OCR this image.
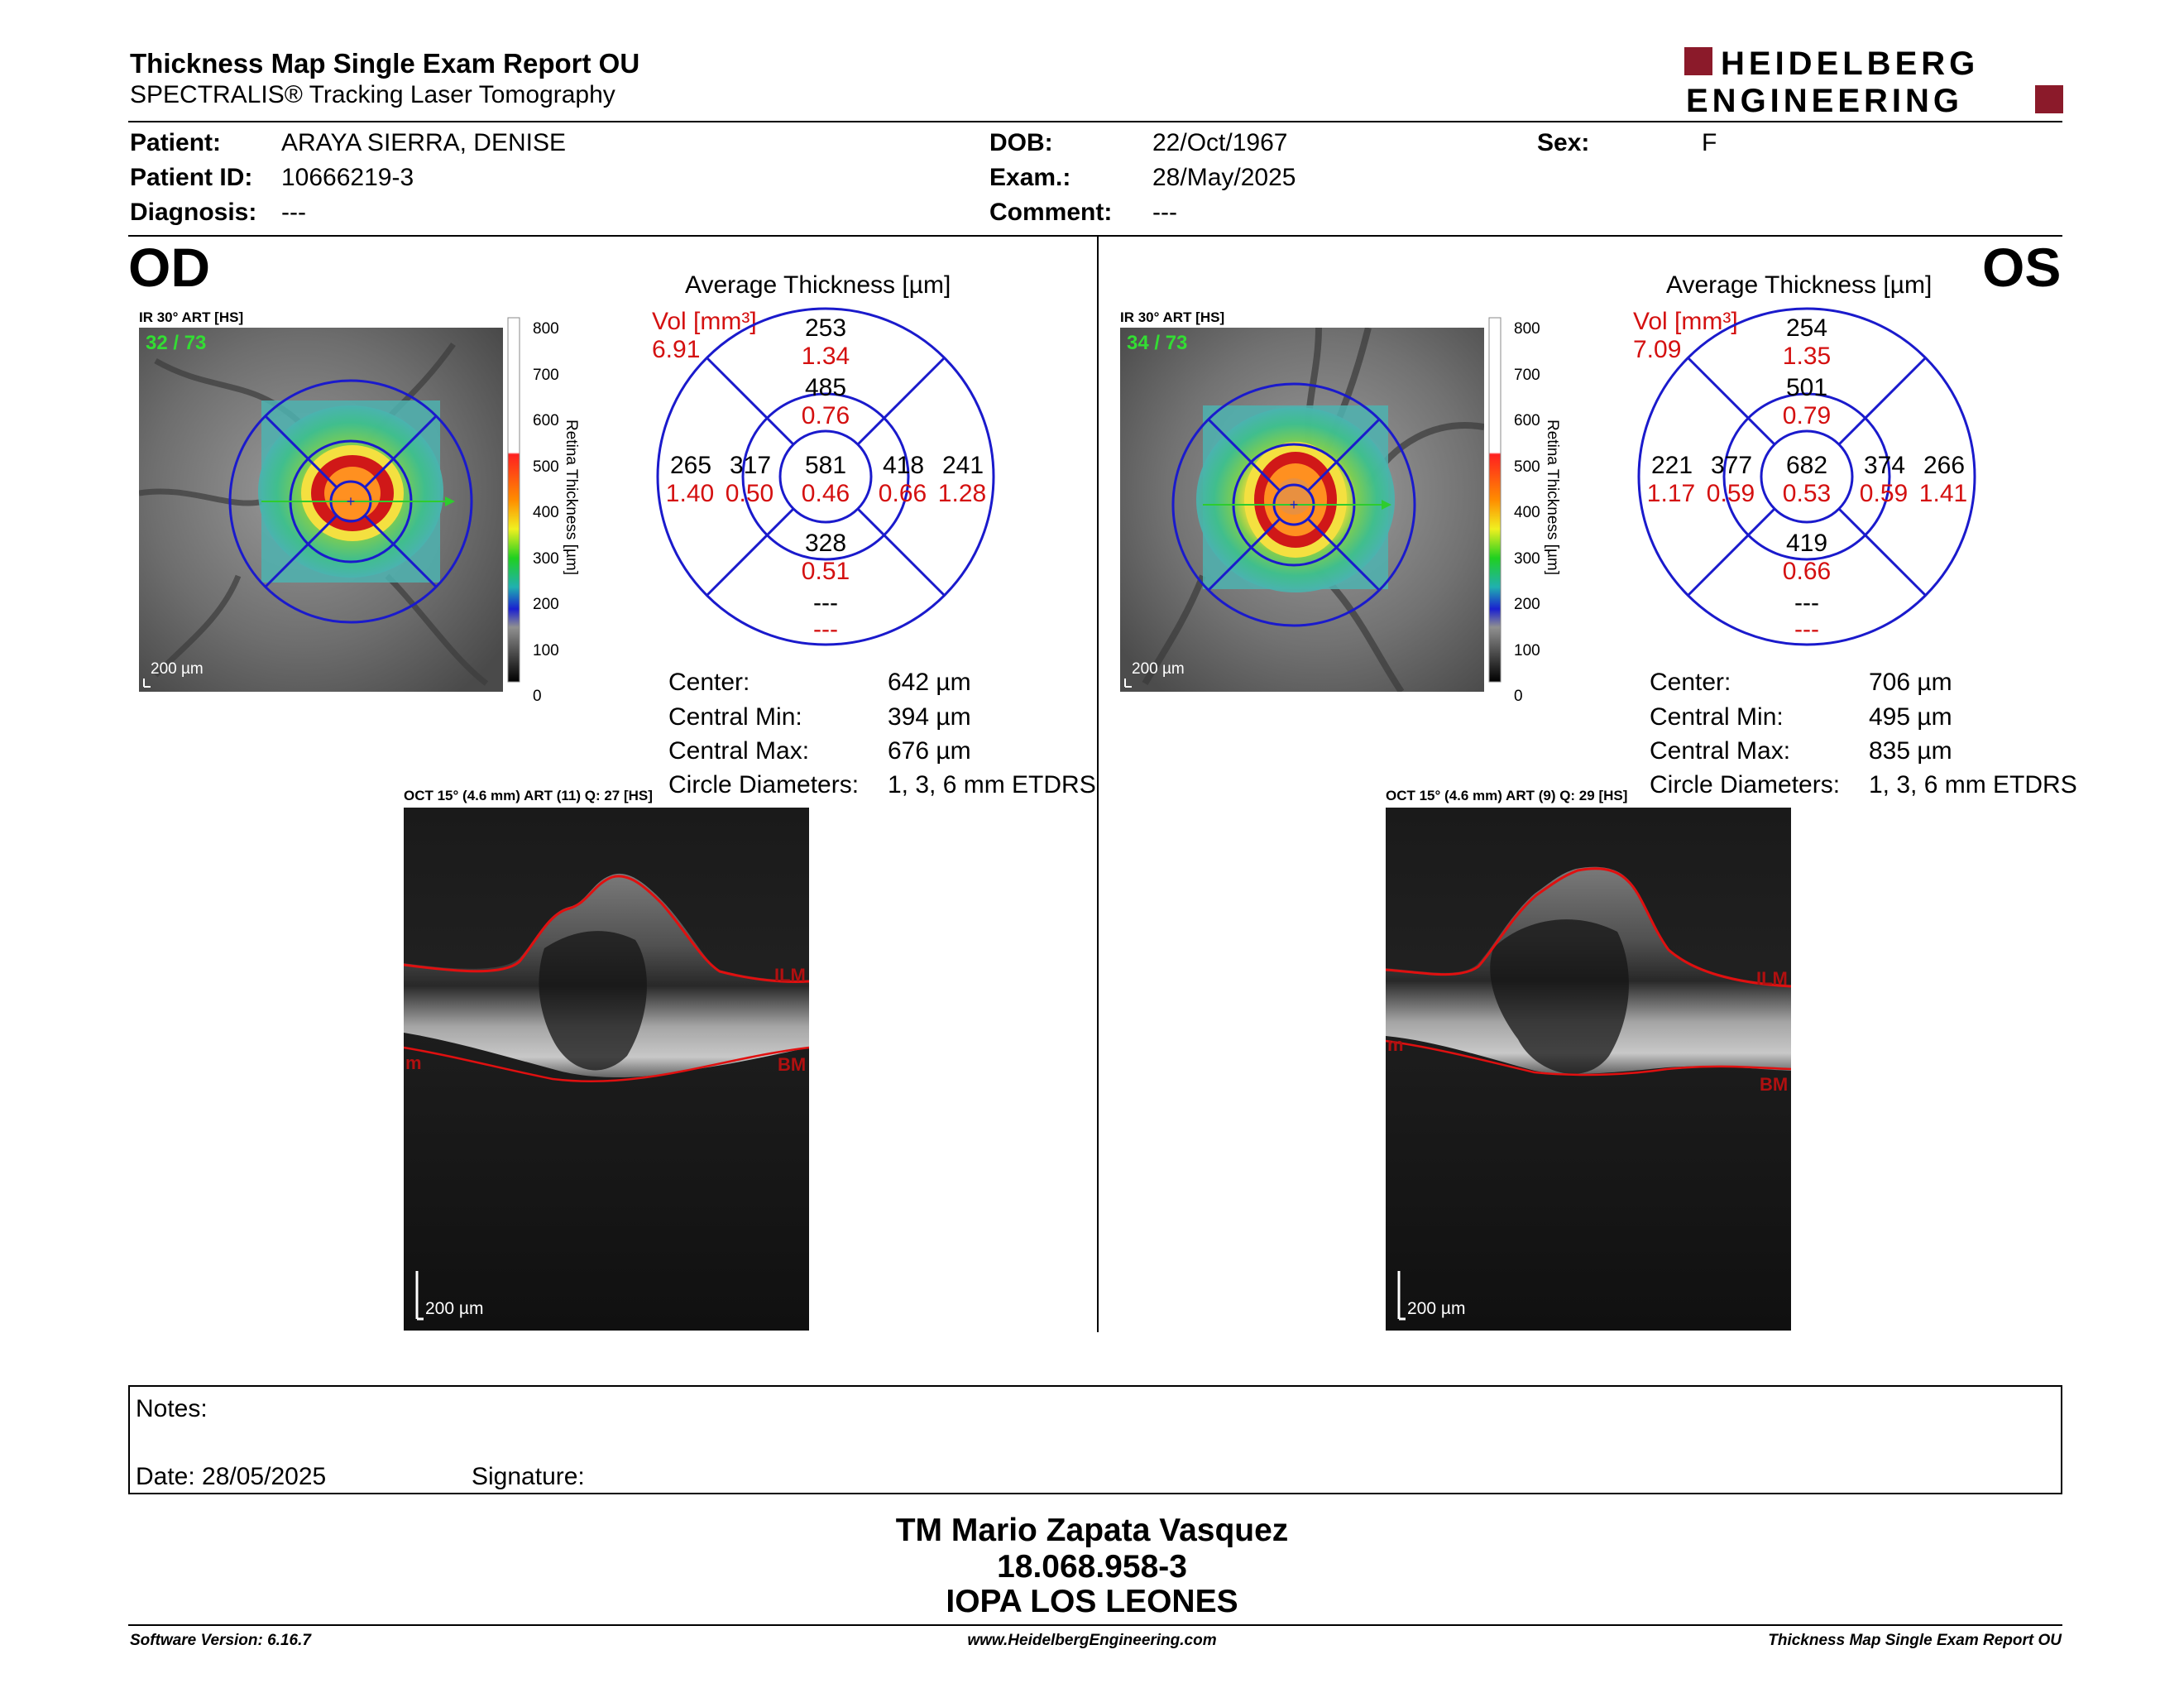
Thickness Map Single Exam Report OU
SPECTRALIS® Tracking Laser Tomography
HEIDELBERG
ENGINEERING
Patient: ARAYA SIERRA, DENISE
Patient ID: 10666219-3
Diagnosis: ---
DOB:	22/Oct/1967
Exam.:	28/May/2025
Comment: ---
Sex:	F
OD
IR 30° ART [HS]
+
32 / 73
200 µm
800
700
600
500
400
300
200
100
0
Retina Thickness [µm]
Average Thickness [µm]
Vol [mm³]
6.91
253
1.34
485
0.76
265
1.40
317
0.50
581
0.46
418
0.66
241
1.28
328
0.51
---
---
Center:	642 µm
Central Min:	394 µm
Central Max:	676 µm
Circle Diameters: 1, 3, 6 mm ETDRS
OCT 15° (4.6 mm) ART (11) Q: 27 [HS]
ILM
BM
m
200 µm
OS
IR 30° ART [HS]
+
34 / 73
200 µm
800
700
600
500
400
300
200
100
0
Retina Thickness [µm]
Average Thickness [µm]
Vol [mm³]
7.09
254
1.35
501
0.79
221
1.17
377
0.59
682
0.53
374
0.59
266
1.41
419
0.66
---
---
Center:	706 µm
Central Min:	495 µm
Central Max:	835 µm
Circle Diameters: 1, 3, 6 mm ETDRS
OCT 15° (4.6 mm) ART (9) Q: 29 [HS]
ILM
BM
m
200 µm
Notes:
Date: 28/05/2025	Signature:
TM Mario Zapata Vasquez
18.068.958-3
IOPA LOS LEONES
Software Version: 6.16.7	www.HeidelbergEngineering.com	Thickness Map Single Exam Report OU
